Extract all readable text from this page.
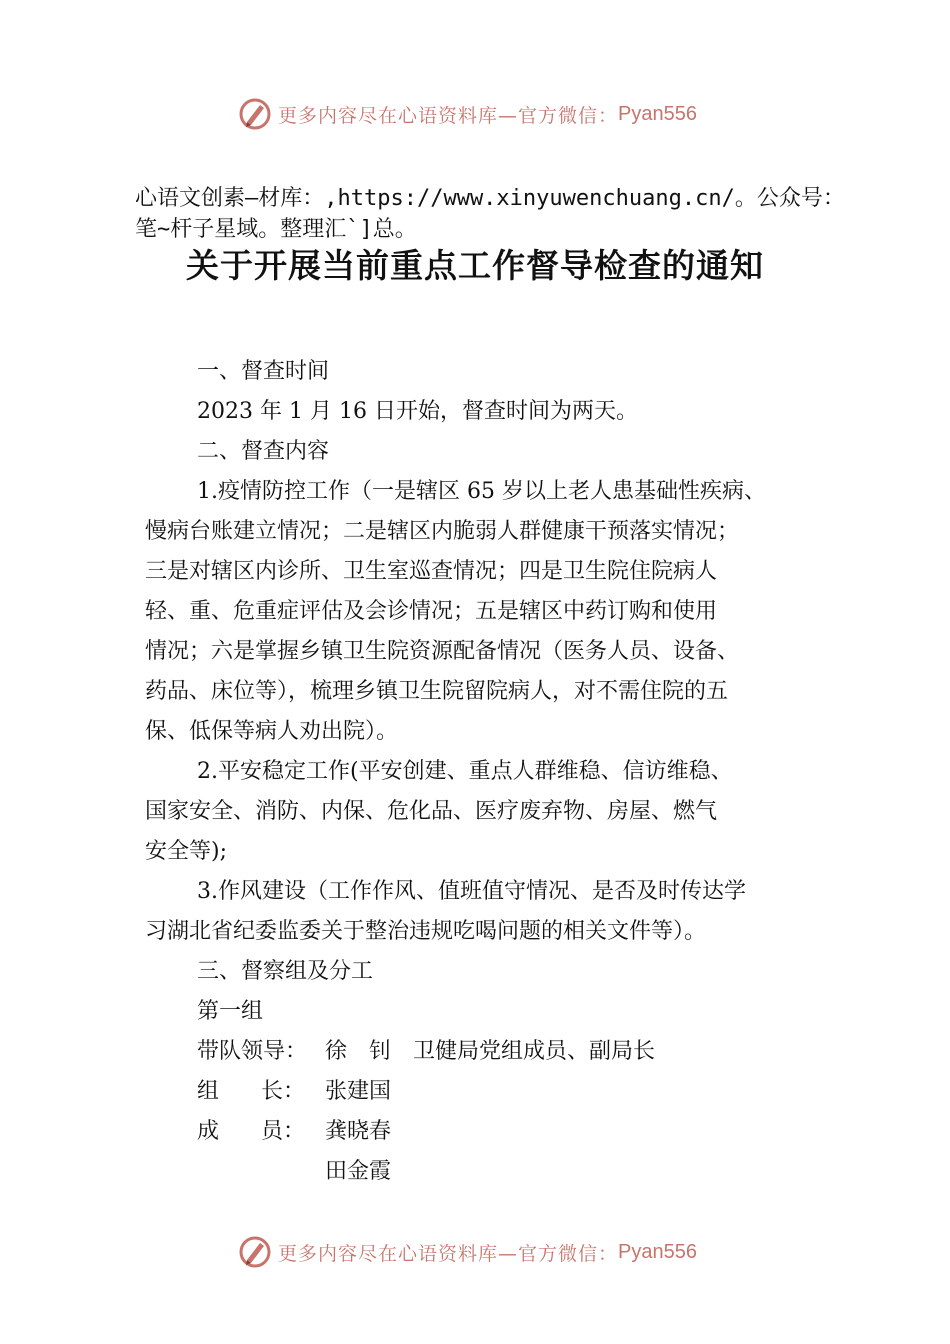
更多内容尽在心语资料库—官方微信： Pyan556
心语文创素—材库：,https://www.xinyuwenchuang.cn/。公众号：笔~杆子星域。整理汇`]总。
关于开展当前重点工作督导检查的通知
一、督查时间
2023 年 1 月 16 日开始，督查时间为两天。
二、督查内容
1.疫情防控工作（一是辖区 65 岁以上老人患基础性疾病、
慢病台账建立情况；二是辖区内脆弱人群健康干预落实情况；
三是对辖区内诊所、卫生室巡查情况；四是卫生院住院病人
轻、重、危重症评估及会诊情况；五是辖区中药订购和使用
情况；六是掌握乡镇卫生院资源配备情况（医务人员、设备、
药品、床位等），梳理乡镇卫生院留院病人，对不需住院的五
保、低保等病人劝出院）。
2.平安稳定工作(平安创建、重点人群维稳、信访维稳、
国家安全、消防、内保、危化品、医疗废弃物、房屋、燃气
安全等);
3.作风建设（工作作风、值班值守情况、是否及时传达学
习湖北省纪委监委关于整治违规吃喝问题的相关文件等）。
三、督察组及分工
第一组
带队领导： 徐　钊　卫健局党组成员、副局长
组 长： 张建国
成 员： 龚晓春
田金霞
更多内容尽在心语资料库—官方微信： Pyan556
